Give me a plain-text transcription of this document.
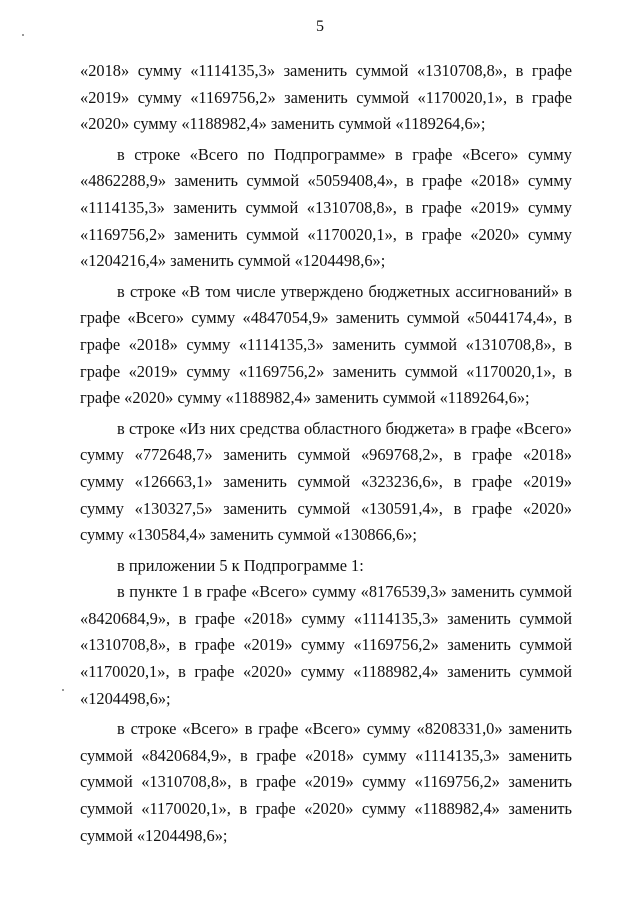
5

«2018» сумму «1114135,3» заменить суммой «1310708,8», в графе «2019» сумму «1169756,2» заменить суммой «1170020,1», в графе «2020» сумму «1188982,4» заменить суммой «1189264,6»;

в строке «Всего по Подпрограмме» в графе «Всего» сумму «4862288,9» заменить суммой «5059408,4», в графе «2018» сумму «1114135,3» заменить суммой «1310708,8», в графе «2019» сумму «1169756,2» заменить суммой «1170020,1», в графе «2020» сумму «1204216,4» заменить суммой «1204498,6»;

в строке «В том числе утверждено бюджетных ассигнований» в графе «Всего» сумму «4847054,9» заменить суммой «5044174,4», в графе «2018» сумму «1114135,3» заменить суммой «1310708,8», в графе «2019» сумму «1169756,2» заменить суммой «1170020,1», в графе «2020» сумму «1188982,4» заменить суммой «1189264,6»;

в строке «Из них средства областного бюджета» в графе «Всего» сумму «772648,7» заменить суммой «969768,2», в графе «2018» сумму «126663,1» заменить суммой «323236,6», в графе «2019» сумму «130327,5» заменить суммой «130591,4», в графе «2020» сумму «130584,4» заменить суммой «130866,6»;

в приложении 5 к Подпрограмме 1:

в пункте 1 в графе «Всего» сумму «8176539,3» заменить суммой «8420684,9», в графе «2018» сумму «1114135,3» заменить суммой «1310708,8», в графе «2019» сумму «1169756,2» заменить суммой «1170020,1», в графе «2020» сумму «1188982,4» заменить суммой «1204498,6»;

в строке «Всего» в графе «Всего» сумму «8208331,0» заменить суммой «8420684,9», в графе «2018» сумму «1114135,3» заменить суммой «1310708,8», в графе «2019» сумму «1169756,2» заменить суммой «1170020,1», в графе «2020» сумму «1188982,4» заменить суммой «1204498,6»;
